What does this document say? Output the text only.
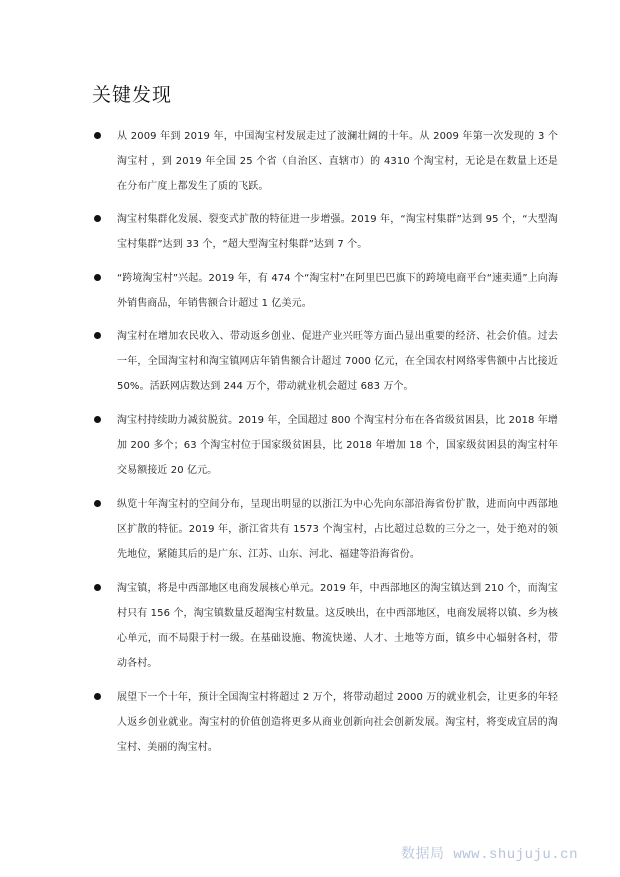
关键发现
从 2009 年到 2019 年，中国淘宝村发展走过了波澜壮阔的十年。从 2009 年第一次发现的 3 个淘宝村 ，到 2019 年全国 25 个省（自治区、直辖市）的 4310 个淘宝村，无论是在数量上还是在分布广度上都发生了质的飞跃。
淘宝村集群化发展、裂变式扩散的特征进一步增强。2019 年，“淘宝村集群”达到 95 个，“大型淘宝村集群”达到 33 个，“超大型淘宝村集群”达到 7 个。
“跨境淘宝村”兴起。2019 年，有 474 个“淘宝村”在阿里巴巴旗下的跨境电商平台“速卖通”上向海外销售商品，年销售额合计超过 1 亿美元。
淘宝村在增加农民收入、带动返乡创业、促进产业兴旺等方面凸显出重要的经济、社会价值。过去一年，全国淘宝村和淘宝镇网店年销售额合计超过 7000 亿元，在全国农村网络零售额中占比接近 50%。活跃网店数达到 244 万个，带动就业机会超过 683 万个。
淘宝村持续助力减贫脱贫。2019 年，全国超过 800 个淘宝村分布在各省级贫困县，比 2018 年增加 200 多个；63 个淘宝村位于国家级贫困县，比 2018 年增加 18 个，国家级贫困县的淘宝村年交易额接近 20 亿元。
纵览十年淘宝村的空间分布，呈现出明显的以浙江为中心先向东部沿海省份扩散，进而向中西部地区扩散的特征。2019 年，浙江省共有 1573 个淘宝村，占比超过总数的三分之一，处于绝对的领先地位，紧随其后的是广东、江苏、山东、河北、福建等沿海省份。
淘宝镇，将是中西部地区电商发展核心单元。2019 年，中西部地区的淘宝镇达到 210 个，而淘宝村只有 156 个，淘宝镇数量反超淘宝村数量。这反映出，在中西部地区，电商发展将以镇、乡为核心单元，而不局限于村一级。在基础设施、物流快递、人才、土地等方面，镇乡中心辐射各村，带动各村。
展望下一个十年，预计全国淘宝村将超过 2 万个，将带动超过 2000 万的就业机会，让更多的年轻人返乡创业就业。淘宝村的价值创造将更多从商业创新向社会创新发展。淘宝村，将变成宜居的淘宝村、美丽的淘宝村。
数据局 www.shujuju.cn
